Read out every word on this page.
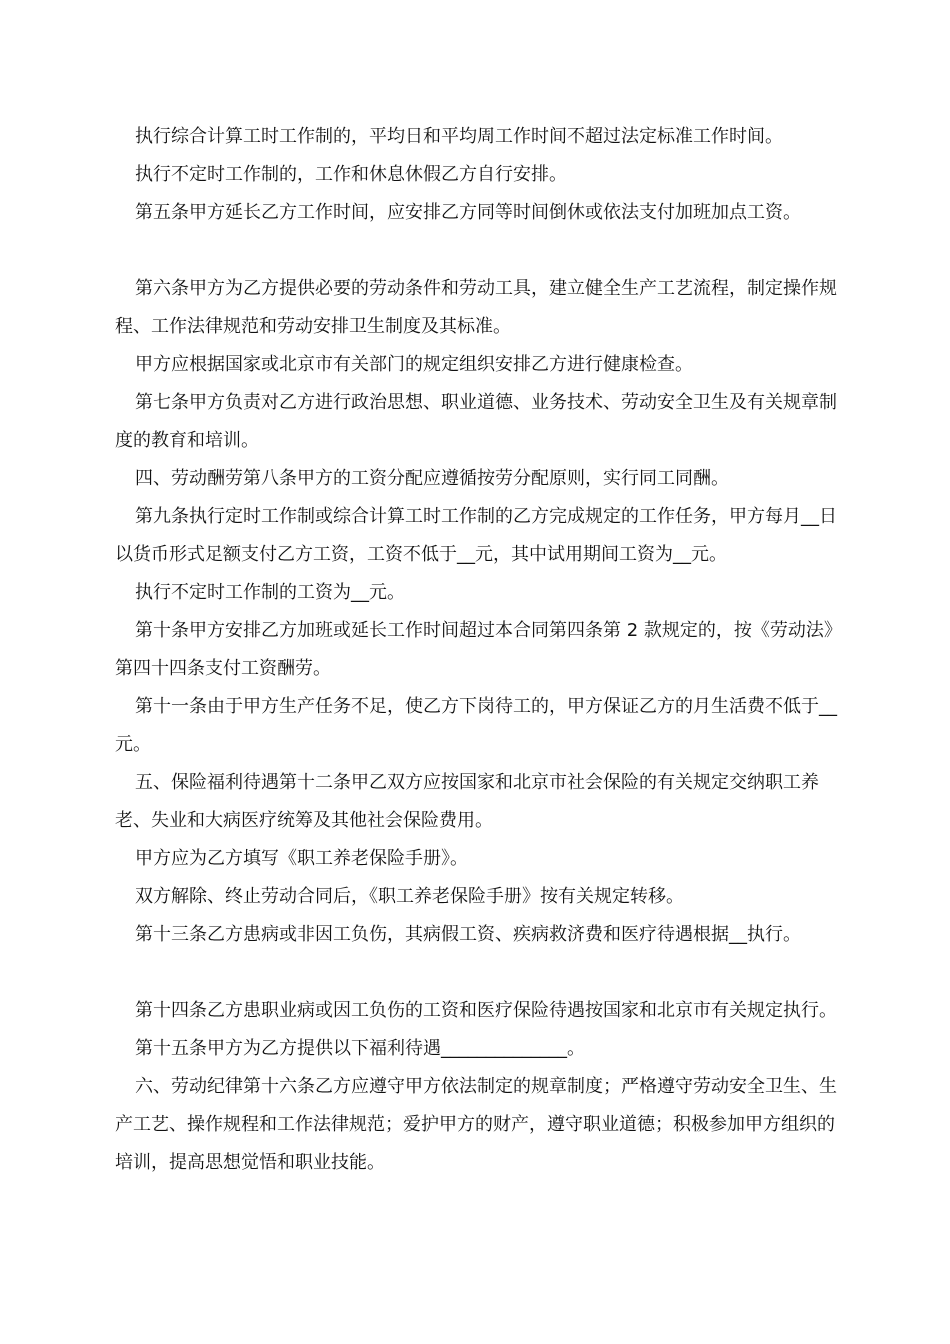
执行综合计算工时工作制的，平均日和平均周工作时间不超过法定标准工作时间。

执行不定时工作制的，工作和休息休假乙方自行安排。

第五条甲方延长乙方工作时间，应安排乙方同等时间倒休或依法支付加班加点工资。

第六条甲方为乙方提供必要的劳动条件和劳动工具，建立健全生产工艺流程，制定操作规程、工作法律规范和劳动安排卫生制度及其标准。

甲方应根据国家或北京市有关部门的规定组织安排乙方进行健康检查。

第七条甲方负责对乙方进行政治思想、职业道德、业务技术、劳动安全卫生及有关规章制度的教育和培训。

四、劳动酬劳第八条甲方的工资分配应遵循按劳分配原则，实行同工同酬。

第九条执行定时工作制或综合计算工时工作制的乙方完成规定的工作任务，甲方每月__日以货币形式足额支付乙方工资，工资不低于__元，其中试用期间工资为__元。

执行不定时工作制的工资为__元。

第十条甲方安排乙方加班或延长工作时间超过本合同第四条第 2 款规定的，按《劳动法》第四十四条支付工资酬劳。

第十一条由于甲方生产任务不足，使乙方下岗待工的，甲方保证乙方的月生活费不低于__元。

五、保险福利待遇第十二条甲乙双方应按国家和北京市社会保险的有关规定交纳职工养老、失业和大病医疗统筹及其他社会保险费用。

甲方应为乙方填写《职工养老保险手册》。

双方解除、终止劳动合同后，《职工养老保险手册》按有关规定转移。

第十三条乙方患病或非因工负伤，其病假工资、疾病救济费和医疗待遇根据__执行。

第十四条乙方患职业病或因工负伤的工资和医疗保险待遇按国家和北京市有关规定执行。

第十五条甲方为乙方提供以下福利待遇______________。

六、劳动纪律第十六条乙方应遵守甲方依法制定的规章制度；严格遵守劳动安全卫生、生产工艺、操作规程和工作法律规范；爱护甲方的财产，遵守职业道德；积极参加甲方组织的培训，提高思想觉悟和职业技能。
